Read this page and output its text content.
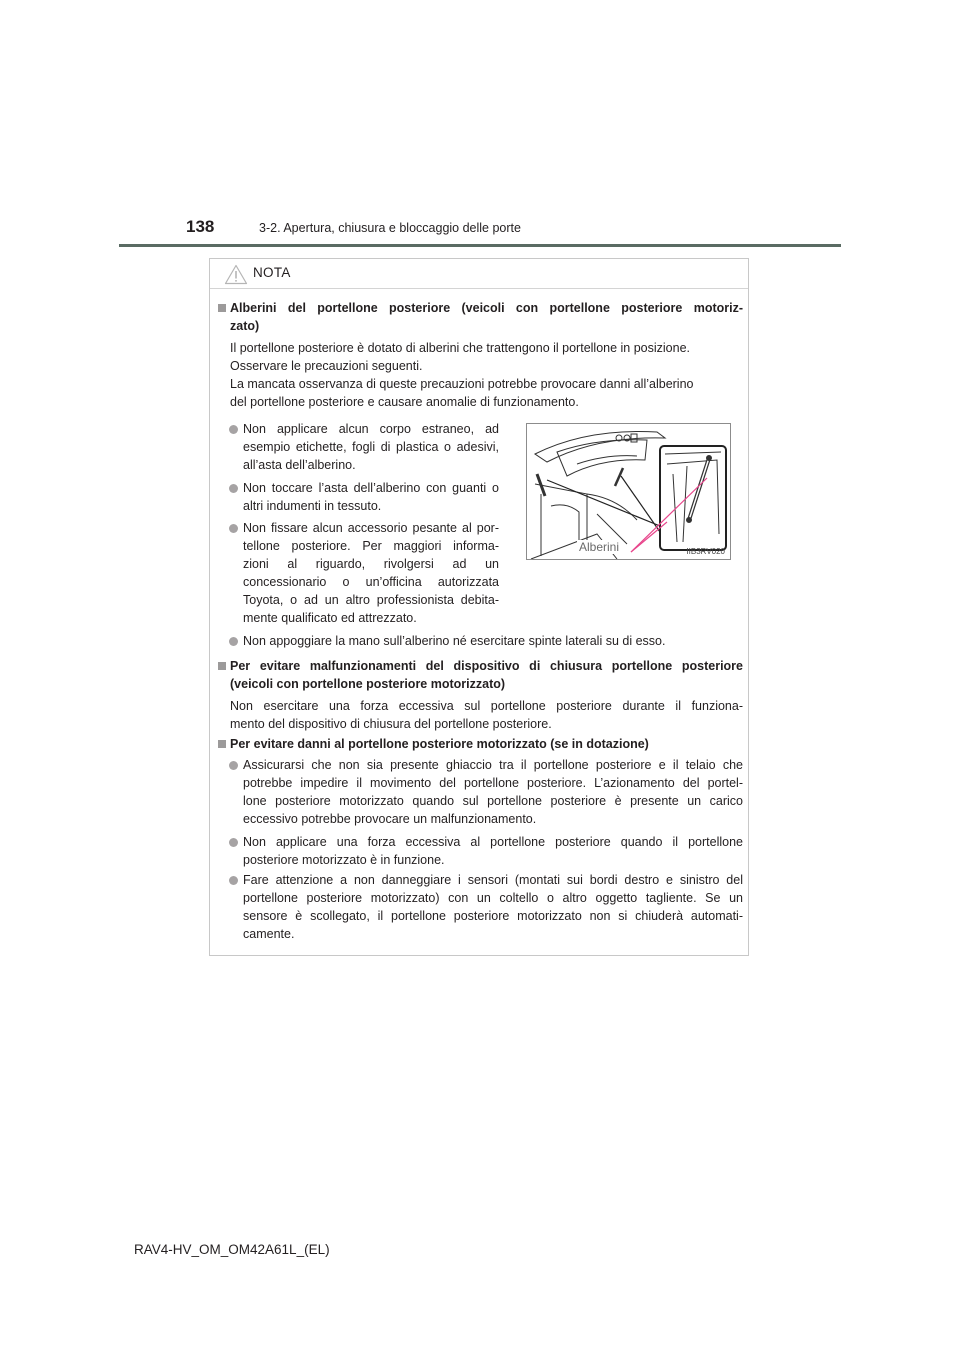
138	3-2. Apertura, chiusura e bloccaggio delle porte
NOTA
Alberini del portellone posteriore (veicoli con portellone posteriore motoriz-
zato)
Il portellone posteriore è dotato di alberini che trattengono il portellone in posizione.
Osservare le precauzioni seguenti.
La mancata osservanza di queste precauzioni potrebbe provocare danni all’alberino
del portellone posteriore e causare anomalie di funzionamento.
Non applicare alcun corpo estraneo, ad
esempio etichette, fogli di plastica o adesivi,
all’asta dell’alberino.
Non toccare l’asta dell’alberino con guanti o
altri indumenti in tessuto.
Non fissare alcun accessorio pesante al por-
tellone posteriore. Per maggiori informa-
zioni al riguardo, rivolgersi ad un
concessionario o un’officina autorizzata
Toyota, o ad un altro professionista debita-
mente qualificato ed attrezzato.
Non appoggiare la mano sull’alberino né esercitare spinte laterali su di esso.
Per evitare malfunzionamenti del dispositivo di chiusura portellone posteriore
(veicoli con portellone posteriore motorizzato)
Non esercitare una forza eccessiva sul portellone posteriore durante il funziona-
mento del dispositivo di chiusura del portellone posteriore.
Per evitare danni al portellone posteriore motorizzato (se in dotazione)
Assicurarsi che non sia presente ghiaccio tra il portellone posteriore e il telaio che
potrebbe impedire il movimento del portellone posteriore. L’azionamento del portel-
lone posteriore motorizzato quando sul portellone posteriore è presente un carico
eccessivo potrebbe provocare un malfunzionamento.
Non applicare una forza eccessiva al portellone posteriore quando il portellone
posteriore motorizzato è in funzione.
Fare attenzione a non danneggiare i sensori (montati sui bordi destro e sinistro del
portellone posteriore motorizzato) con un coltello o altro oggetto tagliente. Se un
sensore è scollegato, il portellone posteriore motorizzato non si chiuderà automati-
camente.
Alberini	IIB3RV020
RAV4-HV_OM_OM42A61L_(EL)
